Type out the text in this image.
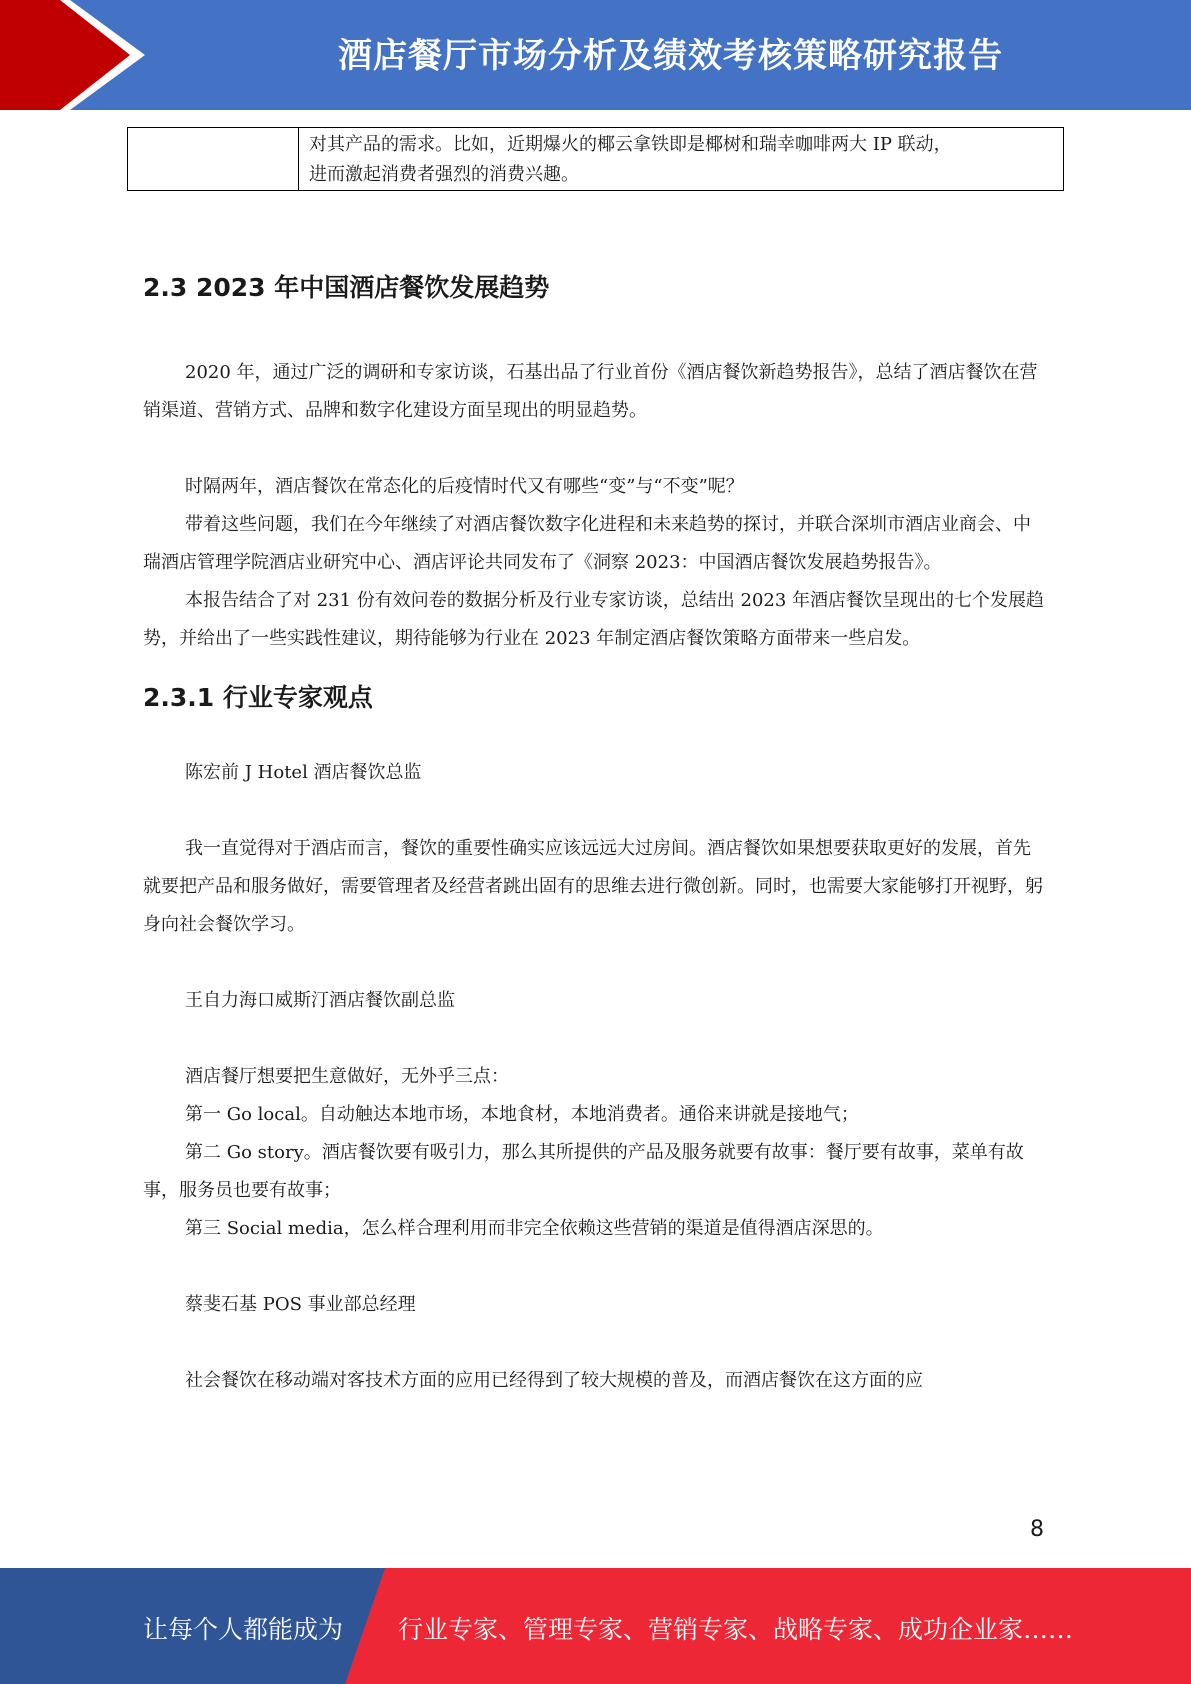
酒店餐厅市场分析及绩效考核策略研究报告
对其产品的需求。比如，近期爆火的椰云拿铁即是椰树和瑞幸咖啡两大 IP 联动，
进而激起消费者强烈的消费兴趣。
2.3 2023 年中国酒店餐饮发展趋势

2020 年，通过广泛的调研和专家访谈，石基出品了行业首份《酒店餐饮新趋势报告》，总结了酒店餐饮在营销渠道、营销方式、品牌和数字化建设方面呈现出的明显趋势。

时隔两年，酒店餐饮在常态化的后疫情时代又有哪些“变”与“不变”呢？

带着这些问题，我们在今年继续了对酒店餐饮数字化进程和未来趋势的探讨，并联合深圳市酒店业商会、中瑞酒店管理学院酒店业研究中心、酒店评论共同发布了《洞察 2023：中国酒店餐饮发展趋势报告》。

本报告结合了对 231 份有效问卷的数据分析及行业专家访谈，总结出 2023 年酒店餐饮呈现出的七个发展趋势，并给出了一些实践性建议，期待能够为行业在 2023 年制定酒店餐饮策略方面带来一些启发。

2.3.1 行业专家观点

陈宏前 J Hotel 酒店餐饮总监

我一直觉得对于酒店而言，餐饮的重要性确实应该远远大过房间。酒店餐饮如果想要获取更好的发展，首先就要把产品和服务做好，需要管理者及经营者跳出固有的思维去进行微创新。同时，也需要大家能够打开视野，躬身向社会餐饮学习。

王自力海口威斯汀酒店餐饮副总监

酒店餐厅想要把生意做好，无外乎三点：

第一 Go local。自动触达本地市场，本地食材，本地消费者。通俗来讲就是接地气；

第二 Go story。酒店餐饮要有吸引力，那么其所提供的产品及服务就要有故事：餐厅要有故事，菜单有故事，服务员也要有故事；

第三 Social media，怎么样合理利用而非完全依赖这些营销的渠道是值得酒店深思的。

蔡斐石基 POS 事业部总经理

社会餐饮在移动端对客技术方面的应用已经得到了较大规模的普及，而酒店餐饮在这方面的应

8
让每个人都能成为 行业专家、管理专家、营销专家、战略专家、成功企业家……
